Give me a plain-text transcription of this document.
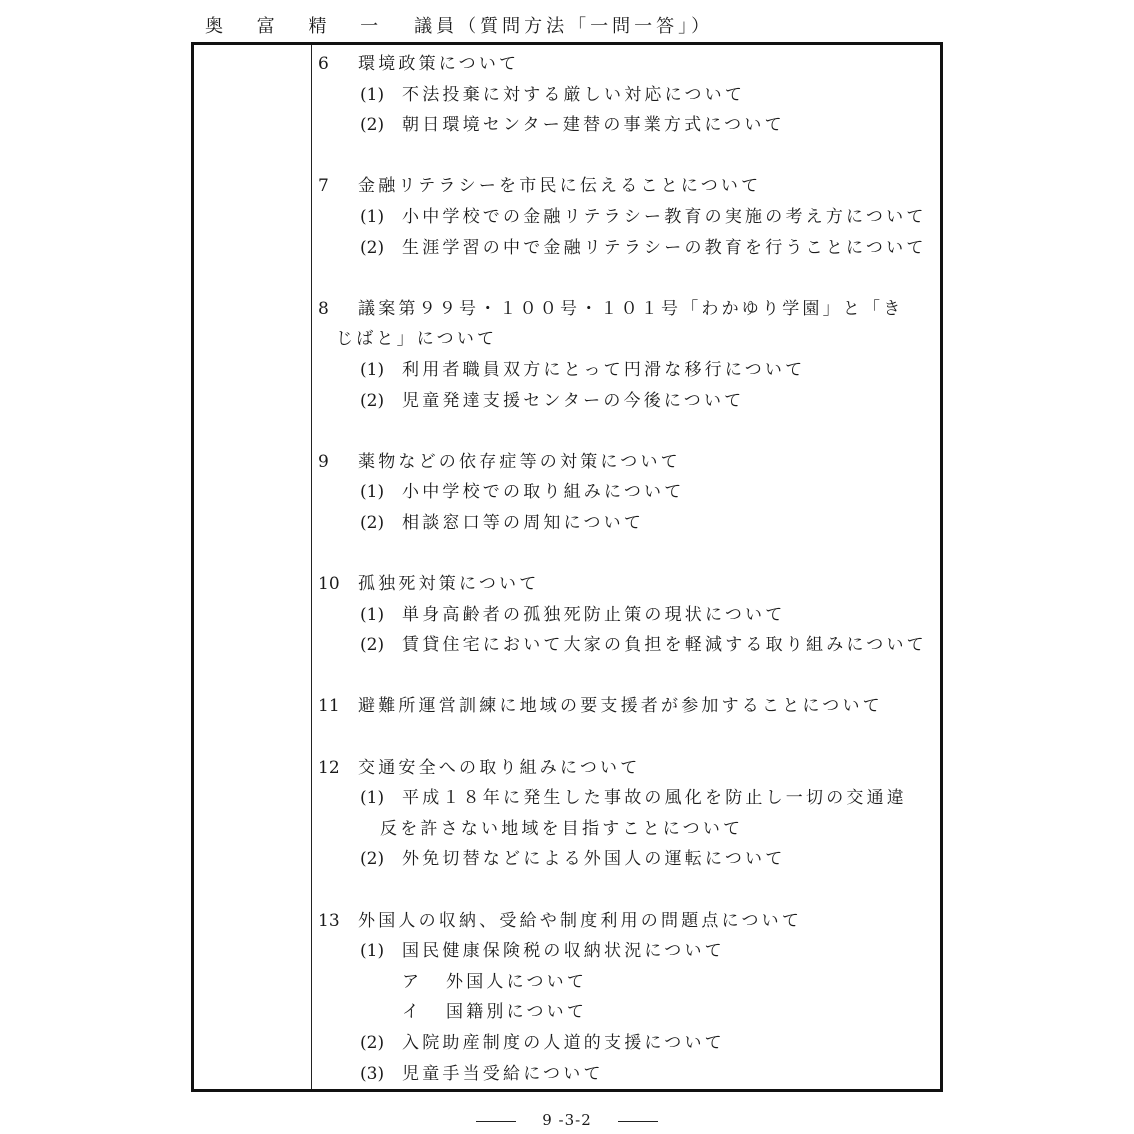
奥 富 精 一　 議員（質問方法「一問一答」）
6 環境政策について
(1) 不法投棄に対する厳しい対応について
(2) 朝日環境センター建替の事業方式について
7 金融リテラシーを市民に伝えることについて
(1) 小中学校での金融リテラシー教育の実施の考え方について
(2) 生涯学習の中で金融リテラシーの教育を行うことについて
8 議案第９９号・１００号・１０１号「わかゆり学園」と「き
じばと」について
(1) 利用者職員双方にとって円滑な移行について
(2) 児童発達支援センターの今後について
9 薬物などの依存症等の対策について
(1) 小中学校での取り組みについて
(2) 相談窓口等の周知について
10 孤独死対策について
(1) 単身高齢者の孤独死防止策の現状について
(2) 賃貸住宅において大家の負担を軽減する取り組みについて
11 避難所運営訓練に地域の要支援者が参加することについて
12 交通安全への取り組みについて
(1) 平成１８年に発生した事故の風化を防止し一切の交通違
反を許さない地域を目指すことについて
(2) 外免切替などによる外国人の運転について
13 外国人の収納、受給や制度利用の問題点について
(1) 国民健康保険税の収納状況について
ア 外国人について
イ 国籍別について
(2) 入院助産制度の人道的支援について
(3) 児童手当受給について
9 -3-2
